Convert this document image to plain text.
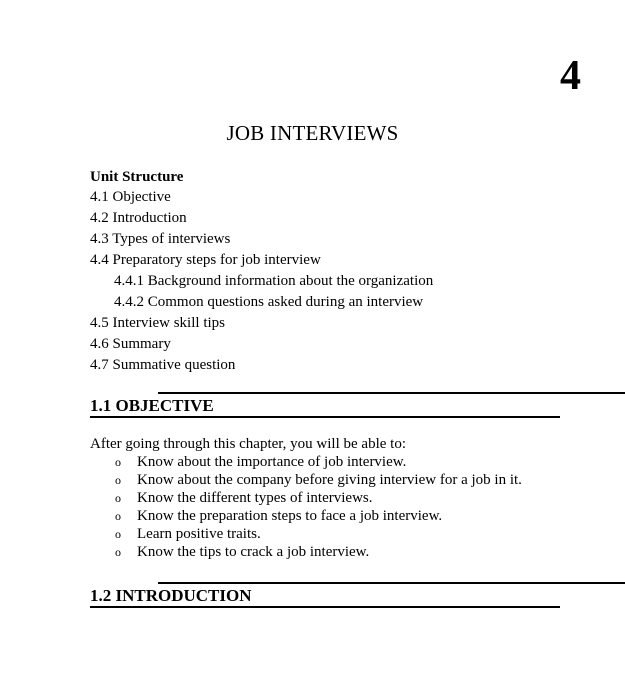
4
JOB INTERVIEWS
Unit Structure
4.1 Objective
4.2 Introduction
4.3 Types of interviews
4.4 Preparatory steps for job interview
4.4.1 Background information about the organization
4.4.2 Common questions asked during an interview
4.5 Interview skill tips
4.6 Summary
4.7 Summative question
1.1 OBJECTIVE
After going through this chapter, you will be able to:
o	Know about the importance of job interview.
o	Know about the company before giving interview for a job in it.
o	Know the different types of interviews.
o	Know the preparation steps to face a job interview.
o	Learn positive traits.
o	Know the tips to crack a job interview.
1.2 INTRODUCTION
